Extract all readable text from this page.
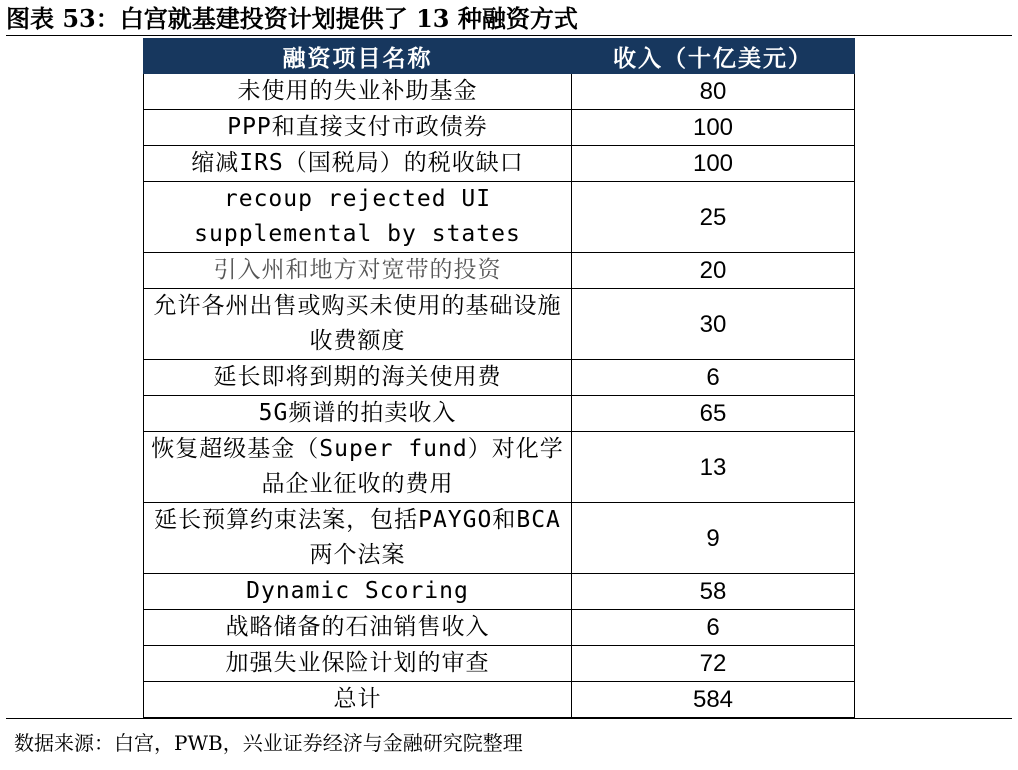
图表 53：白宫就基建投资计划提供了 13 种融资方式
融资项目名称	收入（十亿美元）
未使用的失业补助基金	80
PPP和直接支付市政债券	100
缩减IRS（国税局）的税收缺口	100
recoup rejected UI supplemental by states	25
引入州和地方对宽带的投资	20
允许各州出售或购买未使用的基础设施收费额度	30
延长即将到期的海关使用费	6
5G频谱的拍卖收入	65
恢复超级基金（Super fund）对化学品企业征收的费用	13
延长预算约束法案，包括PAYGO和BCA两个法案	9
Dynamic Scoring	58
战略储备的石油销售收入	6
加强失业保险计划的审查	72
总计	584
数据来源：白宫，PWB，兴业证券经济与金融研究院整理
